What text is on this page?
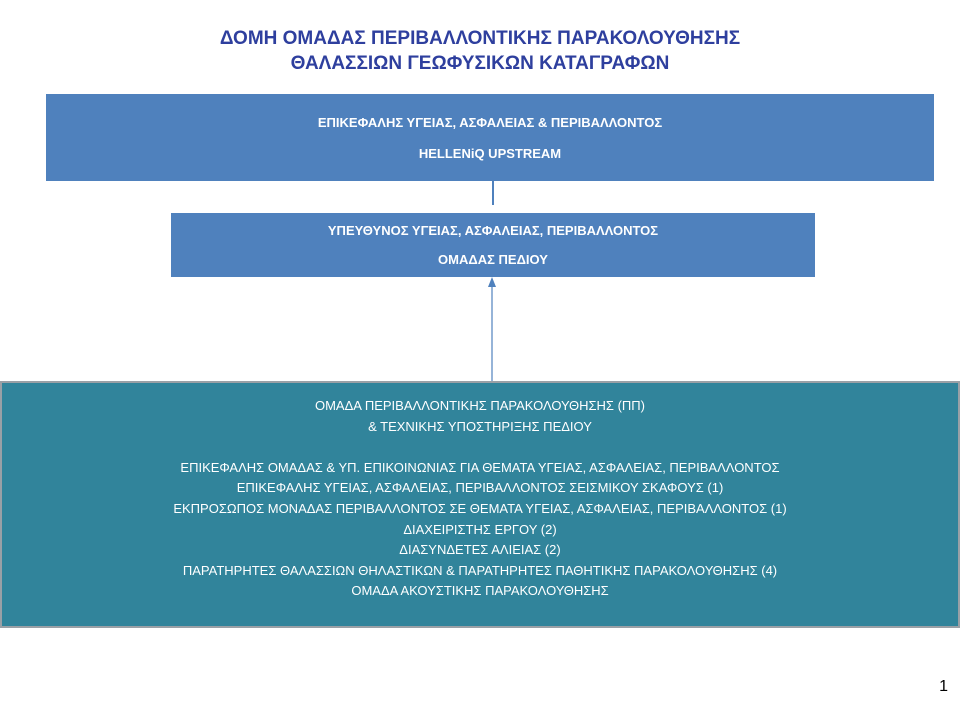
ΔΟΜΗ ΟΜΑΔΑΣ ΠΕΡΙΒΑΛΛΟΝΤΙΚΗΣ ΠΑΡΑΚΟΛΟΥΘΗΣΗΣ
ΘΑΛΑΣΣΙΩΝ ΓΕΩΦΥΣΙΚΩΝ ΚΑΤΑΓΡΑΦΩΝ
ΕΠΙΚΕΦΑΛΗΣ ΥΓΕΙΑΣ, ΑΣΦΑΛΕΙΑΣ & ΠΕΡΙΒΑΛΛΟΝΤΟΣ
HELLENiQ UPSTREAM
ΥΠΕΥΘΥΝΟΣ ΥΓΕΙΑΣ, ΑΣΦΑΛΕΙΑΣ, ΠΕΡΙΒΑΛΛΟΝΤΟΣ
ΟΜΑΔΑΣ ΠΕΔΙΟΥ
ΟΜΑΔΑ ΠΕΡΙΒΑΛΛΟΝΤΙΚΗΣ ΠΑΡΑΚΟΛΟΥΘΗΣΗΣ (ΠΠ)
& ΤΕΧΝΙΚΗΣ ΥΠΟΣΤΗΡΙΞΗΣ ΠΕΔΙΟΥ
ΕΠΙΚΕΦΑΛΗΣ ΟΜΑΔΑΣ & ΥΠ. ΕΠΙΚΟΙΝΩΝΙΑΣ ΓΙΑ ΘΕΜΑΤΑ ΥΓΕΙΑΣ, ΑΣΦΑΛΕΙΑΣ, ΠΕΡΙΒΑΛΛΟΝΤΟΣ
ΕΠΙΚΕΦΑΛΗΣ ΥΓΕΙΑΣ, ΑΣΦΑΛΕΙΑΣ, ΠΕΡΙΒΑΛΛΟΝΤΟΣ ΣΕΙΣΜΙΚΟΥ ΣΚΑΦΟΥΣ (1)
ΕΚΠΡΟΣΩΠΟΣ ΜΟΝΑΔΑΣ ΠΕΡΙΒΑΛΛΟΝΤΟΣ ΣΕ ΘΕΜΑΤΑ ΥΓΕΙΑΣ, ΑΣΦΑΛΕΙΑΣ, ΠΕΡΙΒΑΛΛΟΝΤΟΣ (1)
ΔΙΑΧΕΙΡΙΣΤΗΣ ΕΡΓΟΥ (2)
ΔΙΑΣΥΝΔΕΤΕΣ ΑΛΙΕΙΑΣ (2)
ΠΑΡΑΤΗΡΗΤΕΣ ΘΑΛΑΣΣΙΩΝ ΘΗΛΑΣΤΙΚΩΝ & ΠΑΡΑΤΗΡΗΤΕΣ ΠΑΘΗΤΙΚΗΣ ΠΑΡΑΚΟΛΟΥΘΗΣΗΣ (4)
ΟΜΑΔΑ ΑΚΟΥΣΤΙΚΗΣ ΠΑΡΑΚΟΛΟΥΘΗΣΗΣ
1
